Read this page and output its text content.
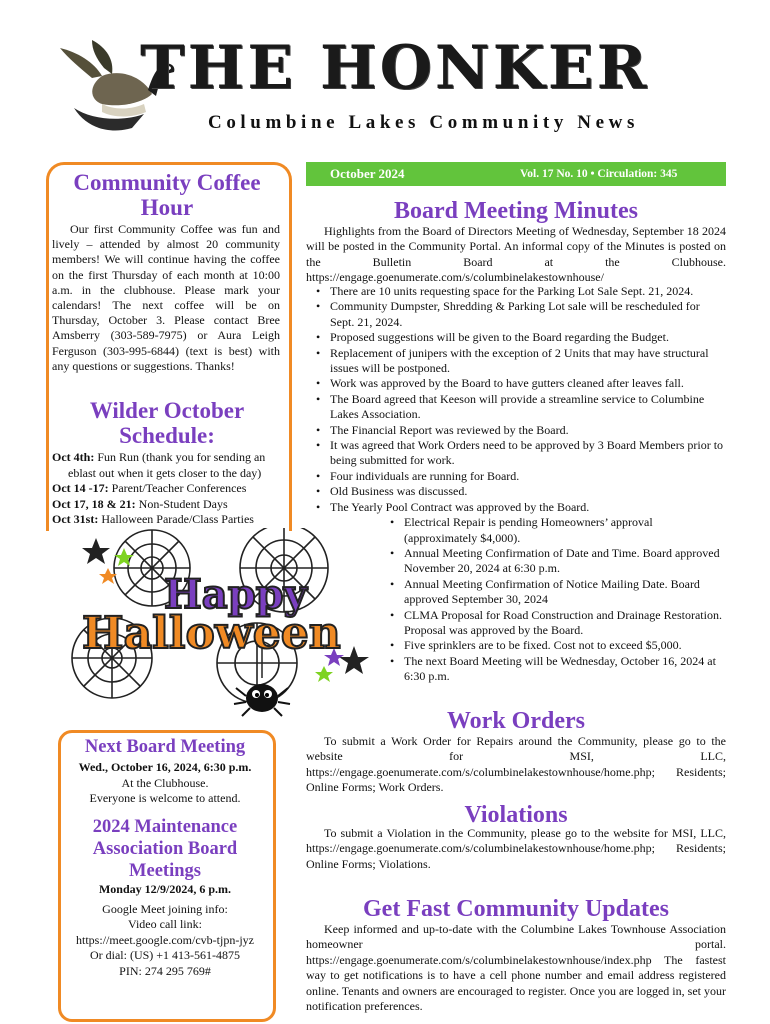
THE HONKER
Columbine Lakes Community News
Community Coffee Hour
Our first Community Coffee was fun and lively – attended by almost 20 community members! We will continue having the coffee on the first Thursday of each month at 10:00 a.m. in the clubhouse. Please mark your calendars! The next coffee will be on Thursday, October 3. Please contact Bree Amsberry (303-589-7975) or Aura Leigh Ferguson (303-995-6844) (text is best) with any questions or suggestions. Thanks!
Wilder October Schedule:
Oct 4th: Fun Run (thank you for sending an eblast out when it gets closer to the day)
Oct 14 -17: Parent/Teacher Conferences
Oct 17, 18 & 21: Non-Student Days
Oct 31st: Halloween Parade/Class Parties
Happy
Halloween
Next Board Meeting
Wed., October 16, 2024, 6:30 p.m.
At the Clubhouse.
Everyone is welcome to attend.
2024 Maintenance Association Board Meetings
Monday 12/9/2024, 6 p.m.
Google Meet joining info:
Video call link:
https://meet.google.com/cvb-tjpn-jyz
Or dial: (US) +1 413-561-4875
PIN: 274 295 769#
October 2024	Vol. 17 No. 10 • Circulation: 345
Board Meeting Minutes
Highlights from the Board of Directors Meeting of Wednesday, September 18 2024 will be posted in the Community Portal. An informal copy of the Minutes is posted on the Bulletin Board at the Clubhouse. https://engage.goenumerate.com/s/columbinelakestownhouse/

• There are 10 units requesting space for the Parking Lot Sale Sept. 21, 2024.

• Community Dumpster, Shredding & Parking Lot sale will be rescheduled for Sept. 21, 2024.

• Proposed suggestions will be given to the Board regarding the Budget.

• Replacement of junipers with the exception of 2 Units that may have structural issues will be postponed.

• Work was approved by the Board to have gutters cleaned after leaves fall.

• The Board agreed that Keeson will provide a streamline service to Columbine Lakes Association.

• The Financial Report was reviewed by the Board.

• It was agreed that Work Orders need to be approved by 3 Board Members prior to being submitted for work.

• Four individuals are running for Board.

• Old Business was discussed.

• The Yearly Pool Contract was approved by the Board.

• Electrical Repair is pending Homeowners’ approval (approximately $4,000).

• Annual Meeting Confirmation of Date and Time. Board approved November 20, 2024 at 6:30 p.m.

• Annual Meeting Confirmation of Notice Mailing Date. Board approved September 30, 2024

• CLMA Proposal for Road Construction and Drainage Restoration. Proposal was approved by the Board.

• Five sprinklers are to be fixed. Cost not to exceed $5,000.

• The next Board Meeting will be Wednesday, October 16, 2024 at 6:30 p.m.

Work Orders
To submit a Work Order for Repairs around the Community, please go to the website for MSI, LLC, https://engage.goenumerate.com/s/columbinelakestownhouse/home.php; Residents; Online Forms; Work Orders.
Violations
To submit a Violation in the Community, please go to the website for MSI, LLC, https://engage.goenumerate.com/s/columbinelakestownhouse/home.php; Residents; Online Forms; Violations.
Get Fast Community Updates
Keep informed and up-to-date with the Columbine Lakes Townhouse Association homeowner portal. https://engage.goenumerate.com/s/columbinelakestownhouse/index.php The fastest way to get notifications is to have a cell phone number and email address registered online. Tenants and owners are encouraged to register. Once you are logged in, set your notification preferences.
